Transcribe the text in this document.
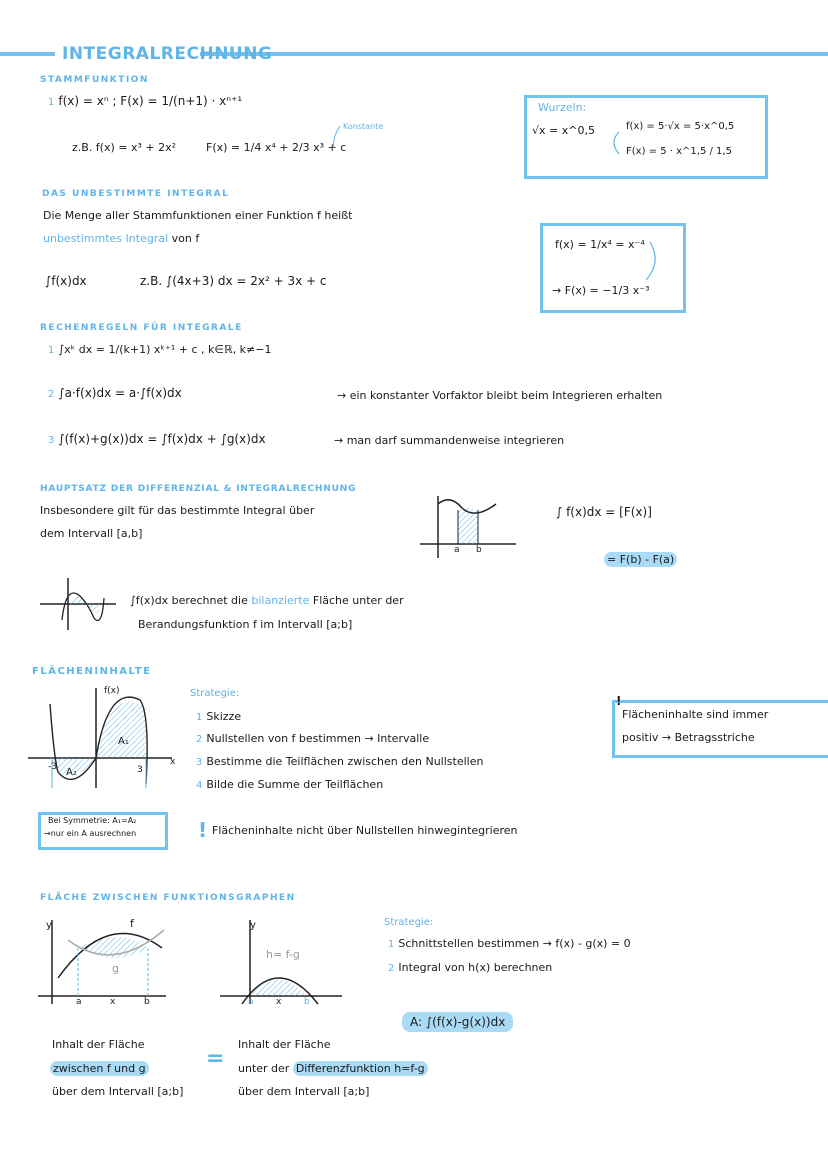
INTEGRALRECHNUNG
STAMMFUNKTION
1 f(x) = xⁿ ; F(x) = 1/(n+1) · xⁿ⁺¹
z.B. f(x) = x³ + 2x²	F(x) = 1/4 x⁴ + 2/3 x³ + c
Konstante
Wurzeln:
√x = x^0,5	f(x) = 5·√x = 5·x^0,5
F(x) = 5 · x^1,5 / 1,5
DAS UNBESTIMMTE INTEGRAL
Die Menge aller Stammfunktionen einer Funktion f heißt
unbestimmtes Integral von f
∫f(x)dx	z.B. ∫(4x+3) dx = 2x² + 3x + c
f(x) = 1/x⁴ = x⁻⁴
→ F(x) = −1/3 x⁻³
RECHENREGELN FÜR INTEGRALE
1 ∫xᵏ dx = 1/(k+1) xᵏ⁺¹ + c , k∈ℝ, k≠−1
2 ∫a·f(x)dx = a·∫f(x)dx	→ ein konstanter Vorfaktor bleibt beim Integrieren erhalten
3 ∫(f(x)+g(x))dx = ∫f(x)dx + ∫g(x)dx	→ man darf summandenweise integrieren
HAUPTSATZ DER DIFFERENZIAL & INTEGRALRECHNUNG
Insbesondere gilt für das bestimmte Integral über
dem Intervall [a,b]
a b
∫ f(x)dx = [F(x)]
= F(b) - F(a)
∫f(x)dx berechnet die bilanzierte Fläche unter der
Berandungsfunktion f im Intervall [a;b]
FLÄCHENINHALTE
f(x)
x
-3	3
A₁
A₂
Strategie:
1 Skizze
2 Nullstellen von f bestimmen → Intervalle
3 Bestimme die Teilflächen zwischen den Nullstellen
4 Bilde die Summe der Teilflächen
!
Flächeninhalte sind immer
positiv → Betragsstriche
Bei Symmetrie: A₁=A₂
→nur ein A ausrechnen	! Flächeninhalte nicht über Nullstellen hinwegintegrieren
FLÄCHE ZWISCHEN FUNKTIONSGRAPHEN
y	f
g
a	x	b
y
h= f-g
a x	b
Strategie:
1 Schnittstellen bestimmen → f(x) - g(x) = 0
2 Integral von h(x) berechnen
A: ∫(f(x)-g(x))dx
Inhalt der Fläche
zwischen f und g
über dem Intervall [a;b]
=
Inhalt der Fläche
unter der Differenzfunktion h=f-g
über dem Intervall [a;b]
